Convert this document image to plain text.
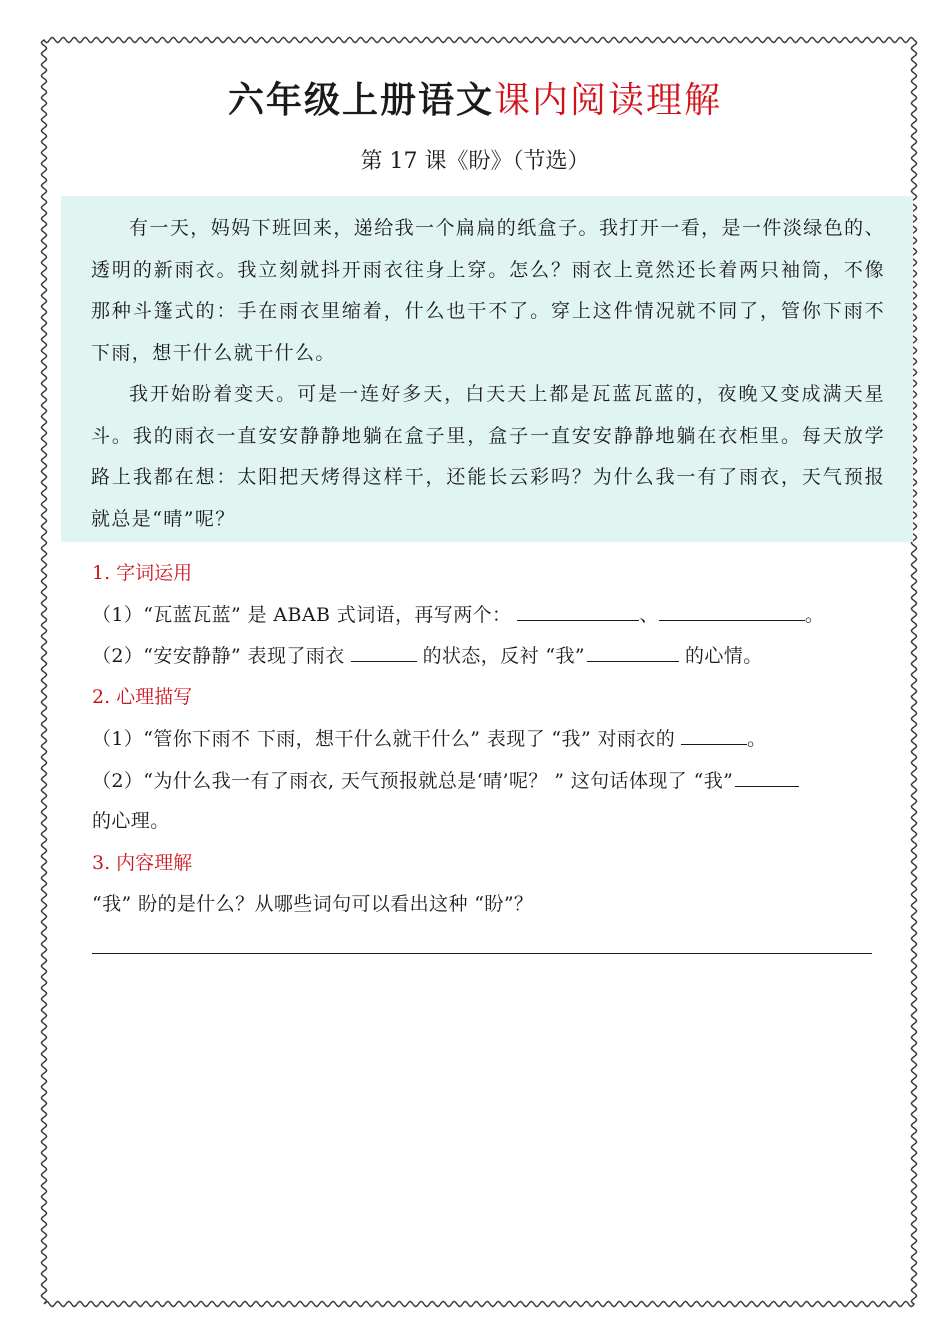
六年级上册语文课内阅读理解
第 17 课《盼》（节选）

有一天，妈妈下班回来，递给我一个扁扁的纸盒子。我打开一看，是一件淡绿色的、透明的新雨衣。我立刻就抖开雨衣往身上穿。怎么？雨衣上竟然还长着两只袖筒，不像那种斗篷式的：手在雨衣里缩着，什么也干不了。穿上这件情况就不同了，管你下雨不 下雨，想干什么就干什么。

我开始盼着变天。可是一连好多天，白天天上都是瓦蓝瓦蓝的，夜晚又变成满天星斗。我的雨衣一直安安静静地躺在盒子里，盒子一直安安静静地躺在衣柜里。每天放学路上我都在想：太阳把天烤得这样干，还能长云彩吗？为什么我一有了雨衣，天气预报就总是“晴”呢？

1. 字词运用
（1）“瓦蓝瓦蓝” 是 ABAB 式词语，再写两个：	、	。
（2）“安安静静” 表现了雨衣	的状态，反衬 “我”	的心情。
2. 心理描写
（1）“管你下雨不 下雨，想干什么就干什么” 表现了 “我” 对雨衣的	。
（2）“为什么我一有了雨衣, 天气预报就总是‘晴’呢？ ” 这句话体现了 “我”
的心理。
3. 内容理解
“我” 盼的是什么？从哪些词句可以看出这种 “盼”？
